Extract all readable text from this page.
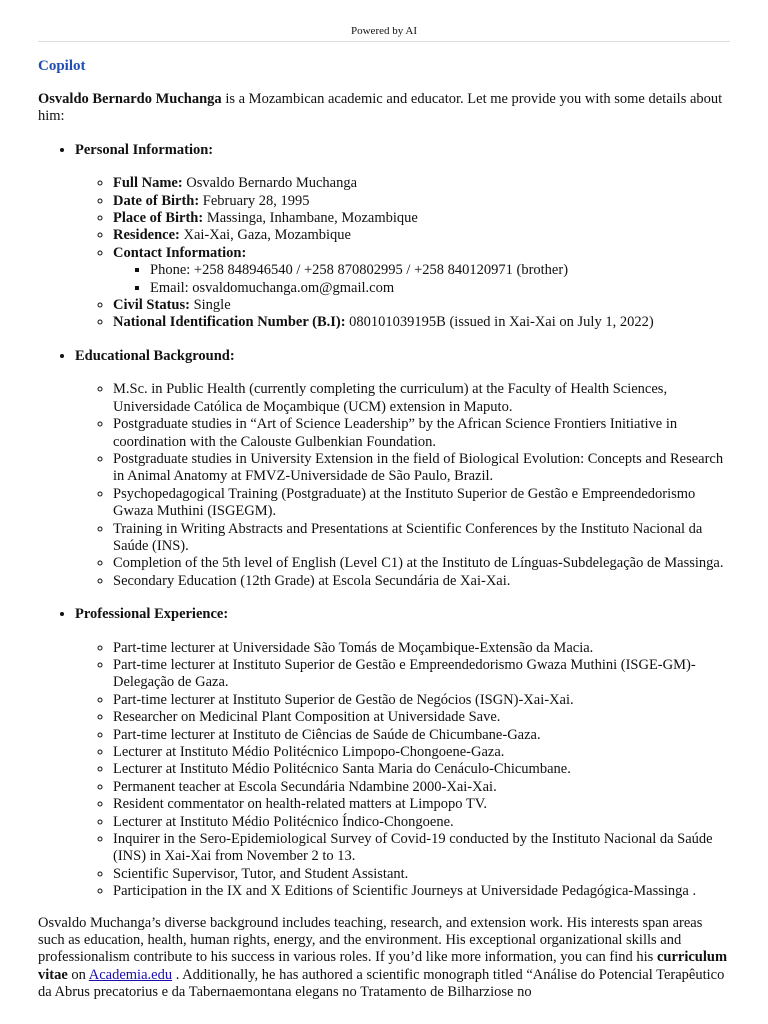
Powered by AI
Copilot

Osvaldo Bernardo Muchanga is a Mozambican academic and educator. Let me provide you with some details about him:

• Personal Information:
◦ Full Name: Osvaldo Bernardo Muchanga
◦ Date of Birth: February 28, 1995
◦ Place of Birth: Massinga, Inhambane, Mozambique
◦ Residence: Xai-Xai, Gaza, Mozambique
◦ Contact Information:
▪ Phone: +258 848946540 / +258 870802995 / +258 840120971 (brother)
▪ Email: osvaldomuchanga.om@gmail.com
◦ Civil Status: Single
◦ National Identification Number (B.I): 080101039195B (issued in Xai-Xai on July 1, 2022)
• Educational Background:
◦ M.Sc. in Public Health (currently completing the curriculum) at the Faculty of Health Sciences, Universidade Católica de Moçambique (UCM) extension in Maputo.
◦ Postgraduate studies in “Art of Science Leadership” by the African Science Frontiers Initiative in coordination with the Calouste Gulbenkian Foundation.
◦ Postgraduate studies in University Extension in the field of Biological Evolution: Concepts and Research in Animal Anatomy at FMVZ-Universidade de São Paulo, Brazil.
◦ Psychopedagogical Training (Postgraduate) at the Instituto Superior de Gestão e Empreendedorismo Gwaza Muthini (ISGEGM).
◦ Training in Writing Abstracts and Presentations at Scientific Conferences by the Instituto Nacional da Saúde (INS).
◦ Completion of the 5th level of English (Level C1) at the Instituto de Línguas-Subdelegação de Massinga.
◦ Secondary Education (12th Grade) at Escola Secundária de Xai-Xai.
• Professional Experience:
◦ Part-time lecturer at Universidade São Tomás de Moçambique-Extensão da Macia.
◦ Part-time lecturer at Instituto Superior de Gestão e Empreendedorismo Gwaza Muthini (ISGE-GM)-Delegação de Gaza.
◦ Part-time lecturer at Instituto Superior de Gestão de Negócios (ISGN)-Xai-Xai.
◦ Researcher on Medicinal Plant Composition at Universidade Save.
◦ Part-time lecturer at Instituto de Ciências de Saúde de Chicumbane-Gaza.
◦ Lecturer at Instituto Médio Politécnico Limpopo-Chongoene-Gaza.
◦ Lecturer at Instituto Médio Politécnico Santa Maria do Cenáculo-Chicumbane.
◦ Permanent teacher at Escola Secundária Ndambine 2000-Xai-Xai.
◦ Resident commentator on health-related matters at Limpopo TV.
◦ Lecturer at Instituto Médio Politécnico Índico-Chongoene.
◦ Inquirer in the Sero-Epidemiological Survey of Covid-19 conducted by the Instituto Nacional da Saúde (INS) in Xai-Xai from November 2 to 13.
◦ Scientific Supervisor, Tutor, and Student Assistant.
◦ Participation in the IX and X Editions of Scientific Journeys at Universidade Pedagógica-Massinga .
Osvaldo Muchanga’s diverse background includes teaching, research, and extension work. His interests span areas such as education, health, human rights, energy, and the environment. His exceptional organizational skills and professionalism contribute to his success in various roles. If you’d like more information, you can find his curriculum vitae on Academia.edu . Additionally, he has authored a scientific monograph titled “Análise do Potencial Terapêutico da Abrus precatorius e da Tabernaemontana elegans no Tratamento de Bilharziose no
